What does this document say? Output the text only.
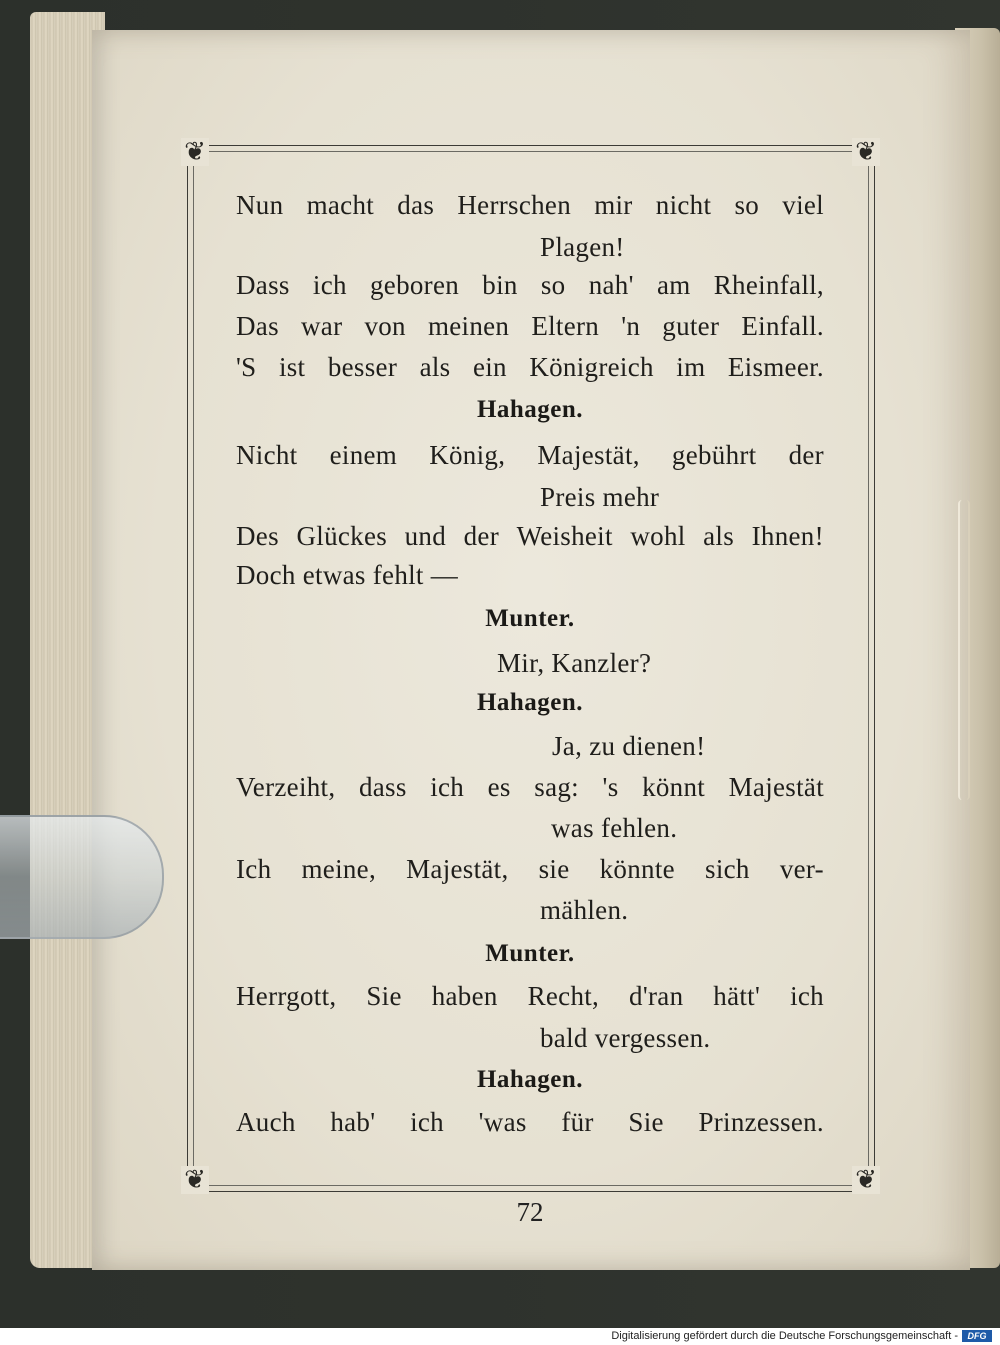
❦	❦
❦	❦
Nun macht das Herrschen mir nicht so viel
Plagen!
Dass ich geboren bin so nah' am Rheinfall,
Das war von meinen Eltern 'n guter Einfall.
'S ist besser als ein Königreich im Eismeer.
Hahagen.
Nicht einem König, Majestät, gebührt der
Preis mehr
Des Glückes und der Weisheit wohl als Ihnen!
Doch etwas fehlt —
Munter.
Mir, Kanzler?
Hahagen.
Ja, zu dienen!
Verzeiht, dass ich es sag: 's könnt Majestät
was fehlen.
Ich meine, Majestät, sie könnte sich ver-
mählen.
Munter.
Herrgott, Sie haben Recht, d'ran hätt' ich
bald vergessen.
Hahagen.
Auch hab' ich 'was für Sie Prinzessen.
72
Digitalisierung gefördert durch die Deutsche Forschungsgemeinschaft -	DFG
